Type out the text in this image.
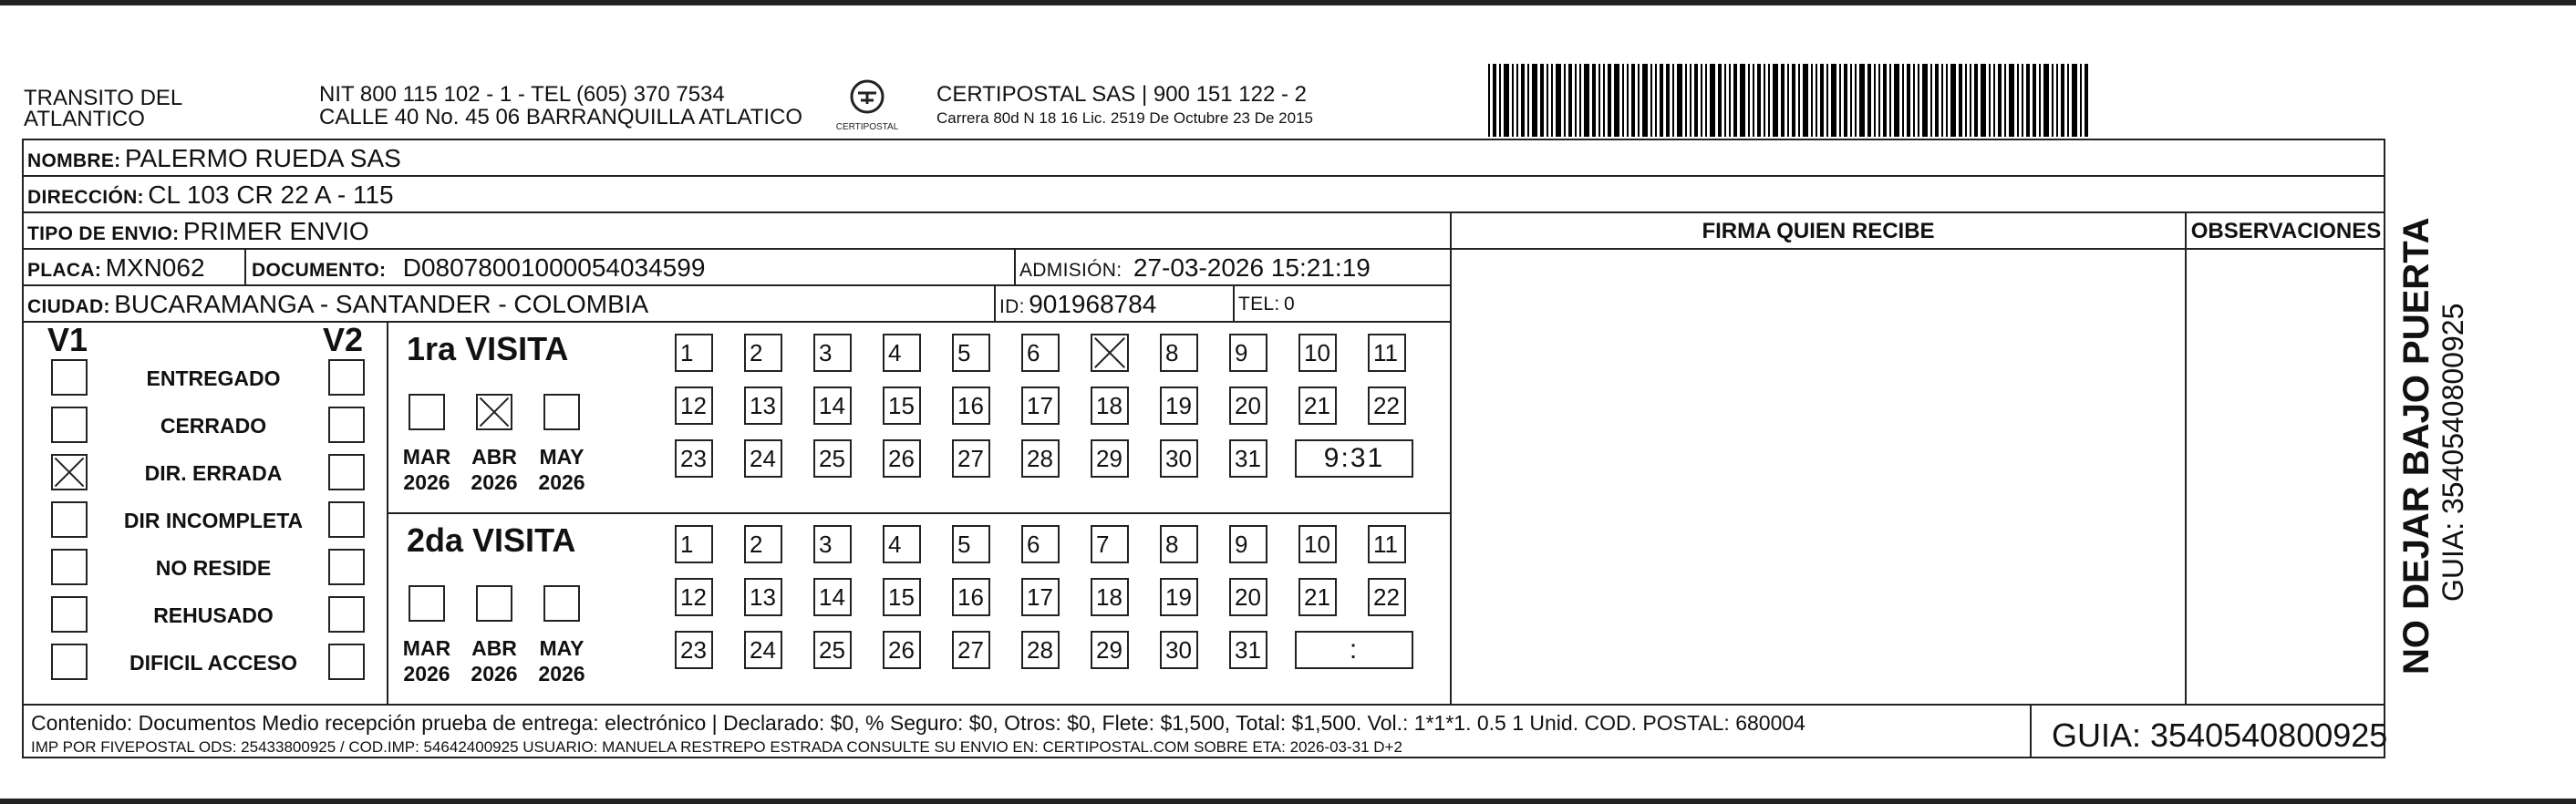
TRANSITO DEL
ATLANTICO
NIT 800 115 102 - 1 - TEL (605) 370 7534
CALLE 40 No. 45 06 BARRANQUILLA ATLATICO	CERTIPOSTAL
CERTIPOSTAL SAS | 900 151 122 - 2
Carrera 80d N 18 16 Lic. 2519 De Octubre 23 De 2015
NOMBRE: PALERMO RUEDA SAS
DIRECCIÓN: CL 103 CR 22 A - 115
TIPO DE ENVIO: PRIMER ENVIO	FIRMA QUIEN RECIBE	OBSERVACIONES
PLACA: MXN062 DOCUMENTO: D08078001000054034599	ADMISIÓN: 27-03-2026 15:21:19
CIUDAD: BUCARAMANGA - SANTANDER - COLOMBIA	ID: 901968784	TEL: 0
V1	V2
ENTREGADO
CERRADO
DIR. ERRADA
DIR INCOMPLETA
NO RESIDE
REHUSADO
DIFICIL ACCESO
1ra VISITA
MAR
2026
ABR
2026
MAY
2026
1	2	3	4	5	6	8	9	10 11
12 13 14 15 16 17 18 19 20 21 22
23 24 25 26 27 28 29 30 31	9:31
2da VISITA
MAR
2026
ABR
2026
MAY
2026
1	2	3	4	5	6	7	8	9	10 11
12 13 14 15 16 17 18 19 20 21 22
23 24 25 26 27 28 29 30 31	:
Contenido: Documentos Medio recepción prueba de entrega: electrónico | Declarado: $0, % Seguro: $0, Otros: $0, Flete: $1,500, Total: $1,500. Vol.: 1*1*1. 0.5 1 Unid. COD. POSTAL: 680004
IMP POR FIVEPOSTAL ODS: 25433800925 / COD.IMP: 54642400925 USUARIO: MANUELA RESTREPO ESTRADA CONSULTE SU ENVIO EN: CERTIPOSTAL.COM SOBRE ETA: 2026-03-31 D+2	GUIA: 3540540800925
NO DEJAR BAJO PUERTA GUIA: 3540540800925
